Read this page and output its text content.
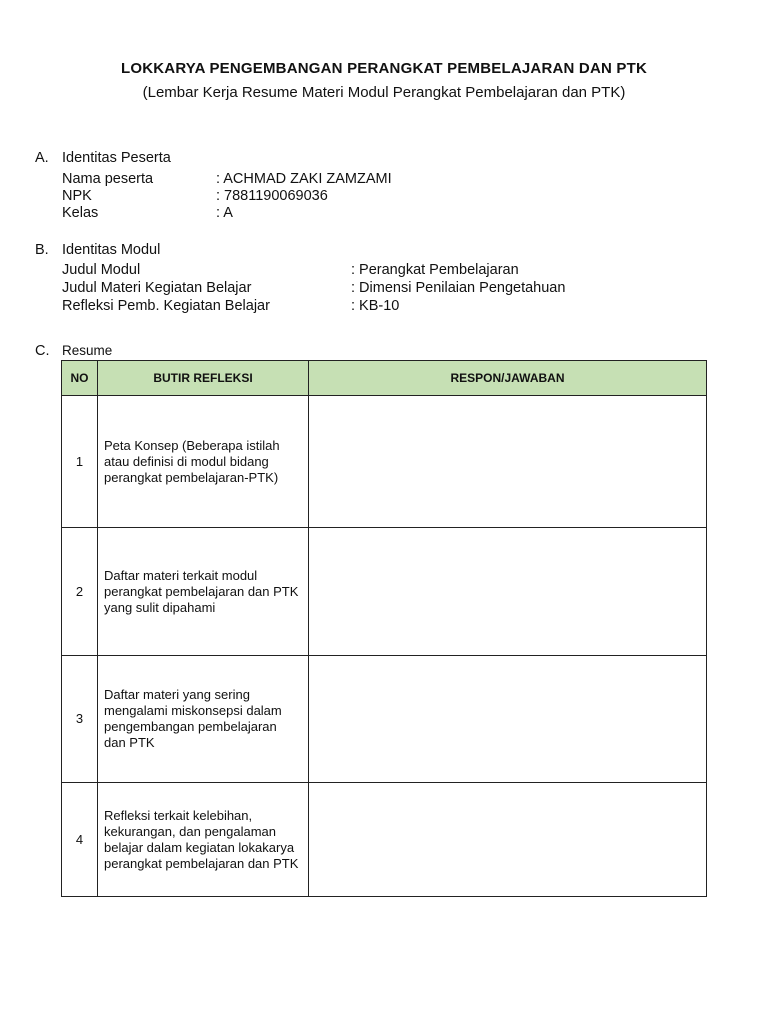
LOKKARYA PENGEMBANGAN PERANGKAT PEMBELAJARAN DAN PTK
(Lembar Kerja Resume Materi Modul Perangkat Pembelajaran dan PTK)
A. Identitas Peserta
Nama peserta	: ACHMAD ZAKI ZAMZAMI
NPK	: 7881190069036
Kelas	: A
B. Identitas Modul
Judul Modul	: Perangkat Pembelajaran
Judul Materi Kegiatan Belajar	: Dimensi Penilaian Pengetahuan
Refleksi Pemb. Kegiatan Belajar	: KB-10
C. Resume
NO	BUTIR REFLEKSI	RESPON/JAWABAN
1	Peta Konsep (Beberapa istilah atau definisi di modul bidang perangkat pembelajaran-PTK)	
2	Daftar materi terkait modul perangkat pembelajaran dan PTK yang sulit dipahami	
3	Daftar materi yang sering mengalami miskonsepsi dalam pengembangan pembelajaran dan PTK	
4	Refleksi terkait kelebihan, kekurangan, dan pengalaman belajar dalam kegiatan lokakarya perangkat pembelajaran dan PTK	
